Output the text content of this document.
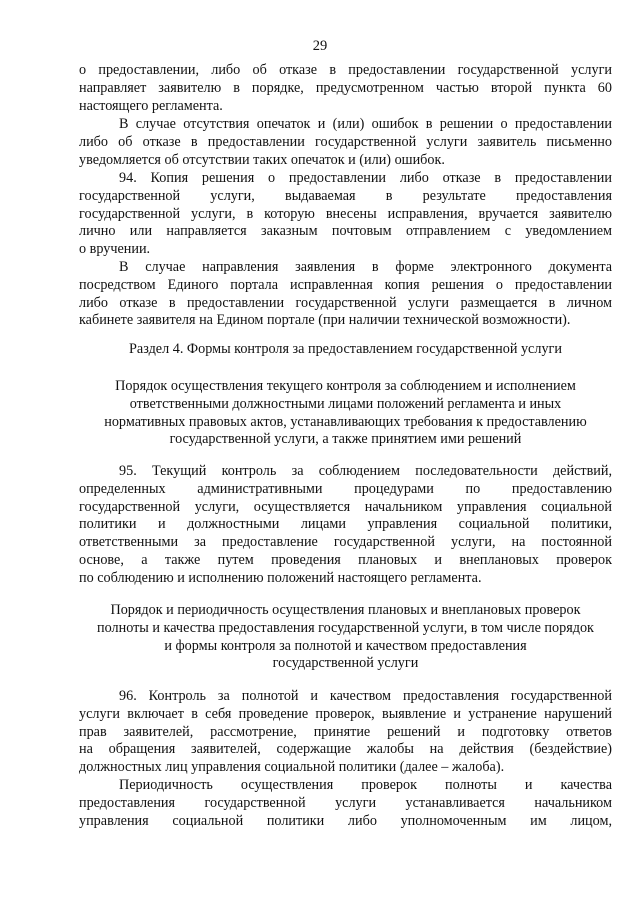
29
о предоставлении, либо об отказе в предоставлении государственной услуги
направляет заявителю в порядке, предусмотренном частью второй пункта 60
настоящего регламента.
В случае отсутствия опечаток и (или) ошибок в решении о предоставлении
либо об отказе в предоставлении государственной услуги заявитель письменно
уведомляется об отсутствии таких опечаток и (или) ошибок.
94. Копия решения о предоставлении либо отказе в предоставлении
государственной услуги, выдаваемая в результате предоставления
государственной услуги, в которую внесены исправления, вручается заявителю
лично или направляется заказным почтовым отправлением с уведомлением
о вручении.
В случае направления заявления в форме электронного документа
посредством Единого портала исправленная копия решения о предоставлении
либо отказе в предоставлении государственной услуги размещается в личном
кабинете заявителя на Едином портале (при наличии технической возможности).
Раздел 4. Формы контроля за предоставлением государственной услуги
Порядок осуществления текущего контроля за соблюдением и исполнением
ответственными должностными лицами положений регламента и иных
нормативных правовых актов, устанавливающих требования к предоставлению
государственной услуги, а также принятием ими решений
95. Текущий контроль за соблюдением последовательности действий,
определенных административными процедурами по предоставлению
государственной услуги, осуществляется начальником управления социальной
политики и должностными лицами управления социальной политики,
ответственными за предоставление государственной услуги, на постоянной
основе, а также путем проведения плановых и внеплановых проверок
по соблюдению и исполнению положений настоящего регламента.
Порядок и периодичность осуществления плановых и внеплановых проверок
полноты и качества предоставления государственной услуги, в том числе порядок
и формы контроля за полнотой и качеством предоставления
государственной услуги
96. Контроль за полнотой и качеством предоставления государственной
услуги включает в себя проведение проверок, выявление и устранение нарушений
прав заявителей, рассмотрение, принятие решений и подготовку ответов
на обращения заявителей, содержащие жалобы на действия (бездействие)
должностных лиц управления социальной политики (далее – жалоба).
Периодичность осуществления проверок полноты и качества
предоставления государственной услуги устанавливается начальником
управления социальной политики либо уполномоченным им лицом,
